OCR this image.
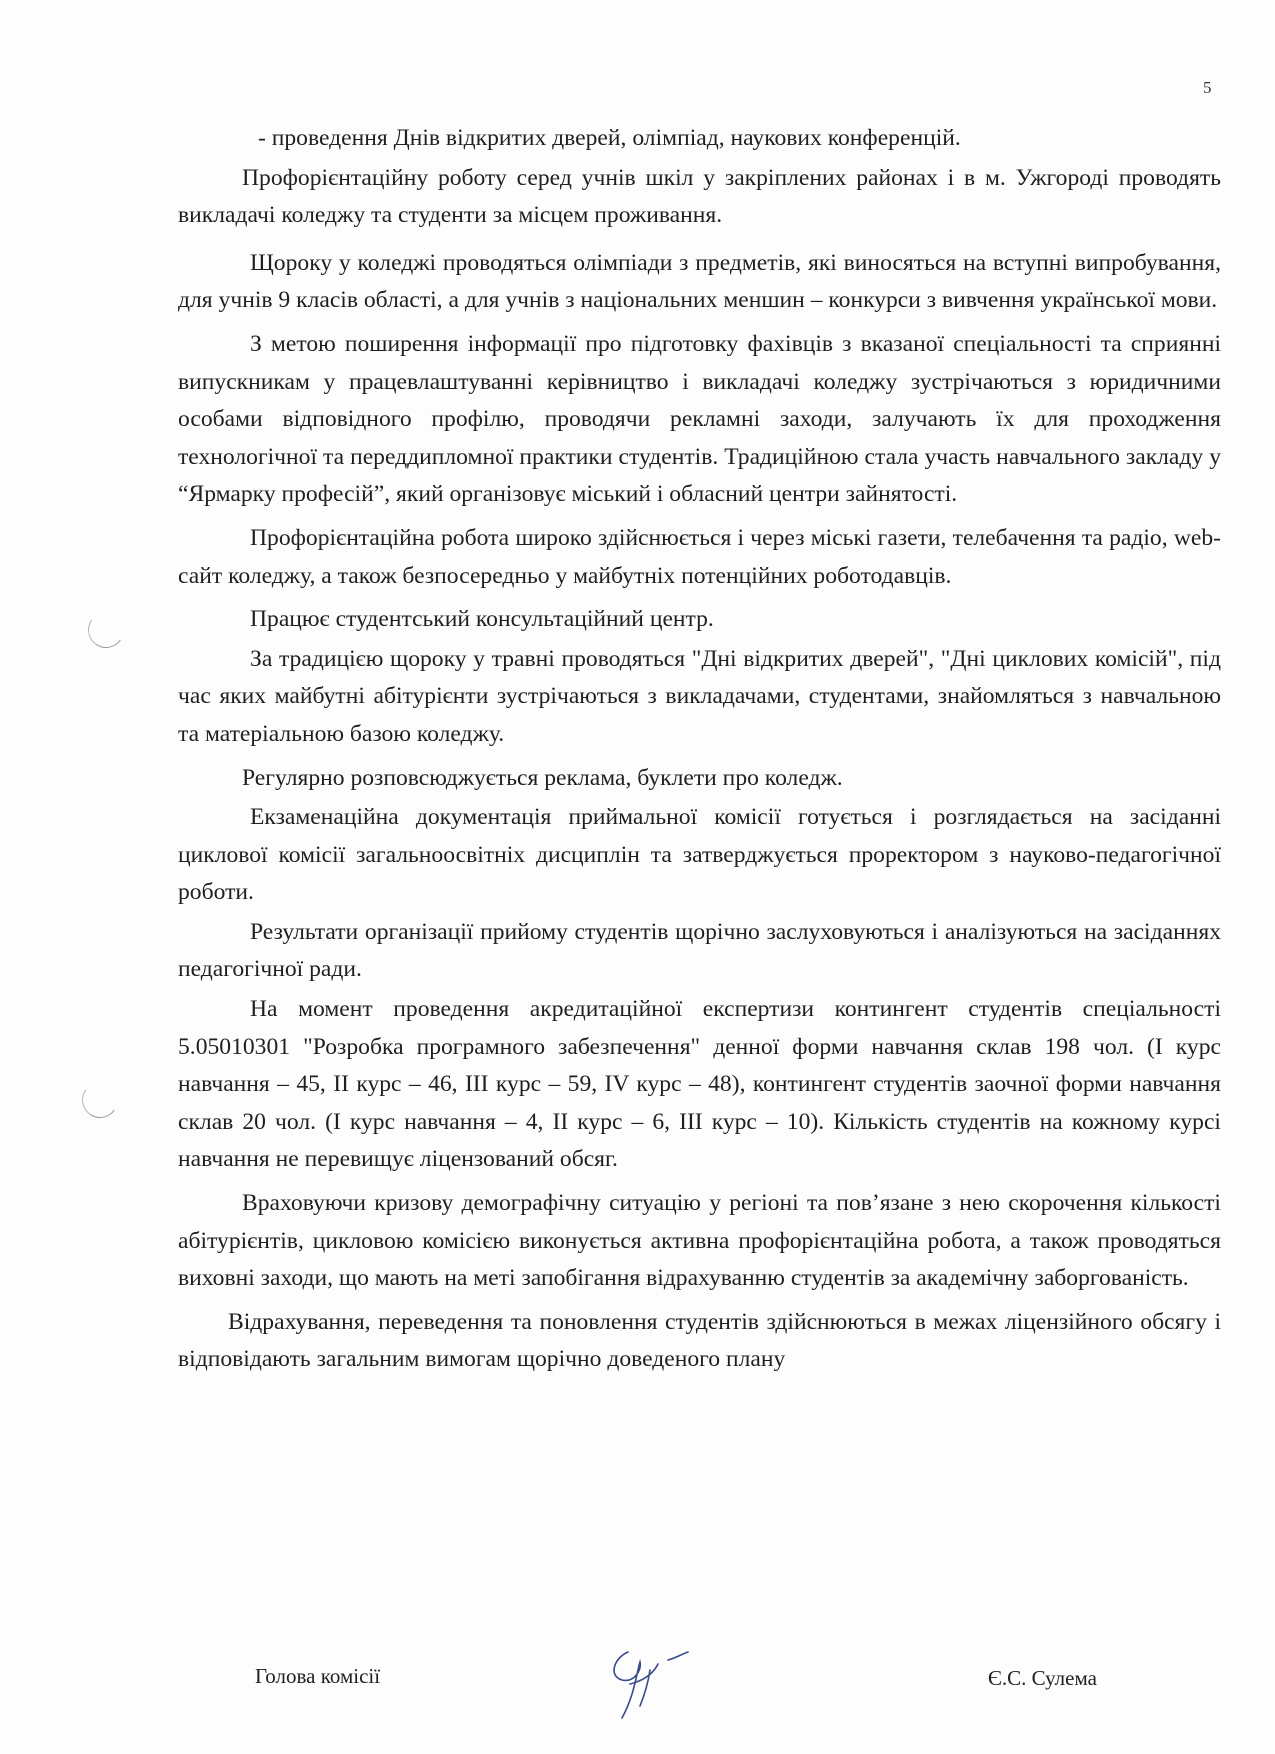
5

- проведення Днів відкритих дверей, олімпіад, наукових конференцій.

Профорієнтаційну роботу серед учнів шкіл у закріплених районах і в м. Ужгороді проводять викладачі коледжу та студенти за місцем проживання.

Щороку у коледжі проводяться олімпіади з предметів, які виносяться на вступні випробування, для учнів 9 класів області, а для учнів з національних меншин – конкурси з вивчення української мови.

З метою поширення інформації про підготовку фахівців з вказаної спеціальності та сприянні випускникам у працевлаштуванні керівництво і викладачі коледжу зустрічаються з юридичними особами відповідного профілю, проводячи рекламні заходи, залучають їх для проходження технологічної та переддипломної практики студентів. Традиційною стала участь навчального закладу у “Ярмарку професій”, який організовує міський і обласний центри зайнятості.

Профорієнтаційна робота широко здійснюється і через міські газети, телебачення та радіо, web-сайт коледжу, а також безпосередньо у майбутніх потенційних роботодавців.

Працює студентський консультаційний центр.

За традицією щороку у травні проводяться "Дні відкритих дверей", "Дні циклових комісій", під час яких майбутні абітурієнти зустрічаються з викладачами, студентами, знайомляться з навчальною та матеріальною базою коледжу.

Регулярно розповсюджується реклама, буклети про коледж.

Екзаменаційна документація приймальної комісії готується і розглядається на засіданні циклової комісії загальноосвітніх дисциплін та затверджується проректором з науково-педагогічної роботи.

Результати організації прийому студентів щорічно заслуховуються і аналізуються на засіданнях педагогічної ради.

На момент проведення акредитаційної експертизи контингент студентів спеціальності 5.05010301 "Розробка програмного забезпечення" денної форми навчання склав 198 чол. (І курс навчання – 45, ІІ курс – 46, ІІІ курс – 59, IV курс – 48), контингент студентів заочної форми навчання склав 20 чол. (І курс навчання – 4, ІІ курс – 6, ІІІ курс – 10). Кількість студентів на кожному курсі навчання не перевищує ліцензований обсяг.

Враховуючи кризову демографічну ситуацію у регіоні та пов’язане з нею скорочення кількості абітурієнтів, цикловою комісією виконується активна профорієнтаційна робота, а також проводяться виховні заходи, що мають на меті запобігання відрахуванню студентів за академічну заборгованість.

Відрахування, переведення та поновлення студентів здійснюються в межах ліцензійного обсягу і відповідають загальним вимогам щорічно доведеного плану

Голова комісії	Є.С. Сулема
